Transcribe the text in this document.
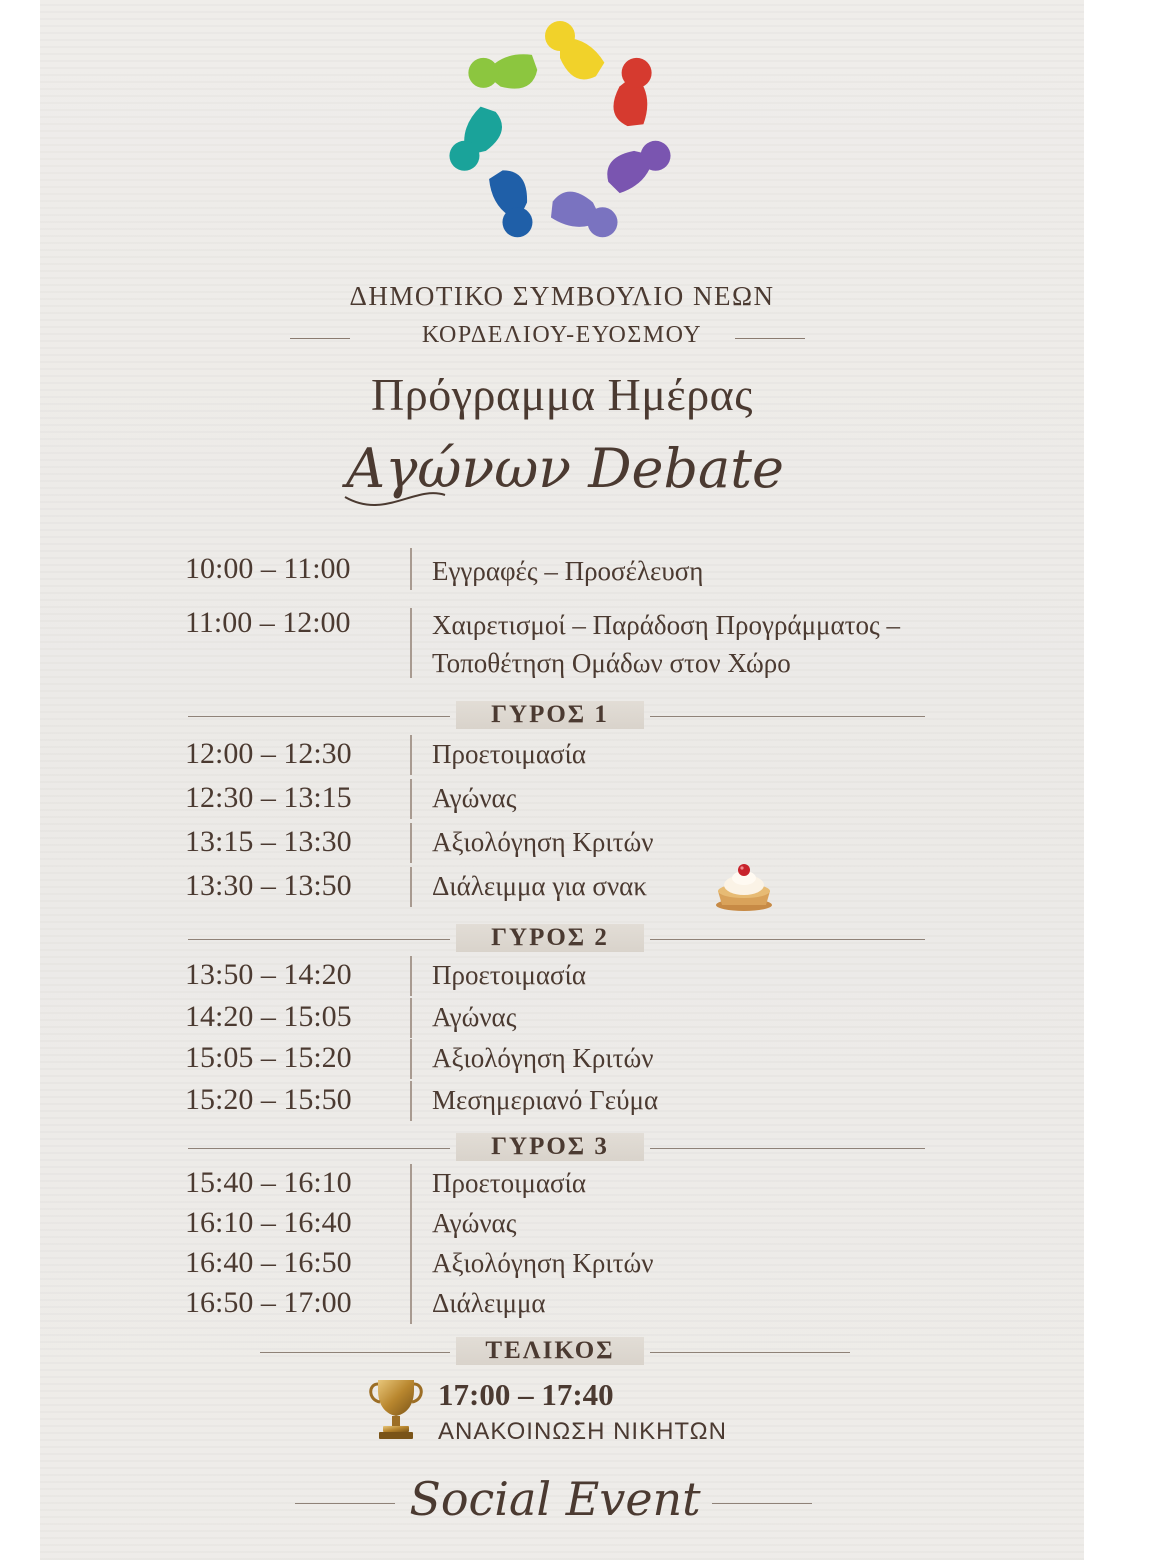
ΔΗΜΟΤΙΚΟ ΣΥΜΒΟΥΛΙΟ ΝΕΩΝ
ΚΟΡΔΕΛΙΟΥ-ΕΥΟΣΜΟΥ
Πρόγραμμα Ημέρας
Αγώνων Debate
10:00 – 11:00	Εγγραφές – Προσέλευση
11:00 – 12:00	Χαιρετισμοί – Παράδοση Προγράμματος –
Τοποθέτηση Ομάδων στον Χώρο
ΓΥΡΟΣ 1
12:00 – 12:30	Προετοιμασία
12:30 – 13:15	Αγώνας
13:15 – 13:30	Αξιολόγηση Κριτών
13:30 – 13:50	Διάλειμμα για σνακ
ΓΥΡΟΣ 2
13:50 – 14:20	Προετοιμασία
14:20 – 15:05	Αγώνας
15:05 – 15:20	Αξιολόγηση Κριτών
15:20 – 15:50	Μεσημεριανό Γεύμα
ΓΥΡΟΣ 3
15:40 – 16:10	Προετοιμασία
16:10 – 16:40	Αγώνας
16:40 – 16:50	Αξιολόγηση Κριτών
16:50 – 17:00	Διάλειμμα
ΤΕΛΙΚΟΣ
17:00 – 17:40
ΑΝΑΚΟΙΝΩΣΗ ΝΙΚΗΤΩΝ
Social Event
